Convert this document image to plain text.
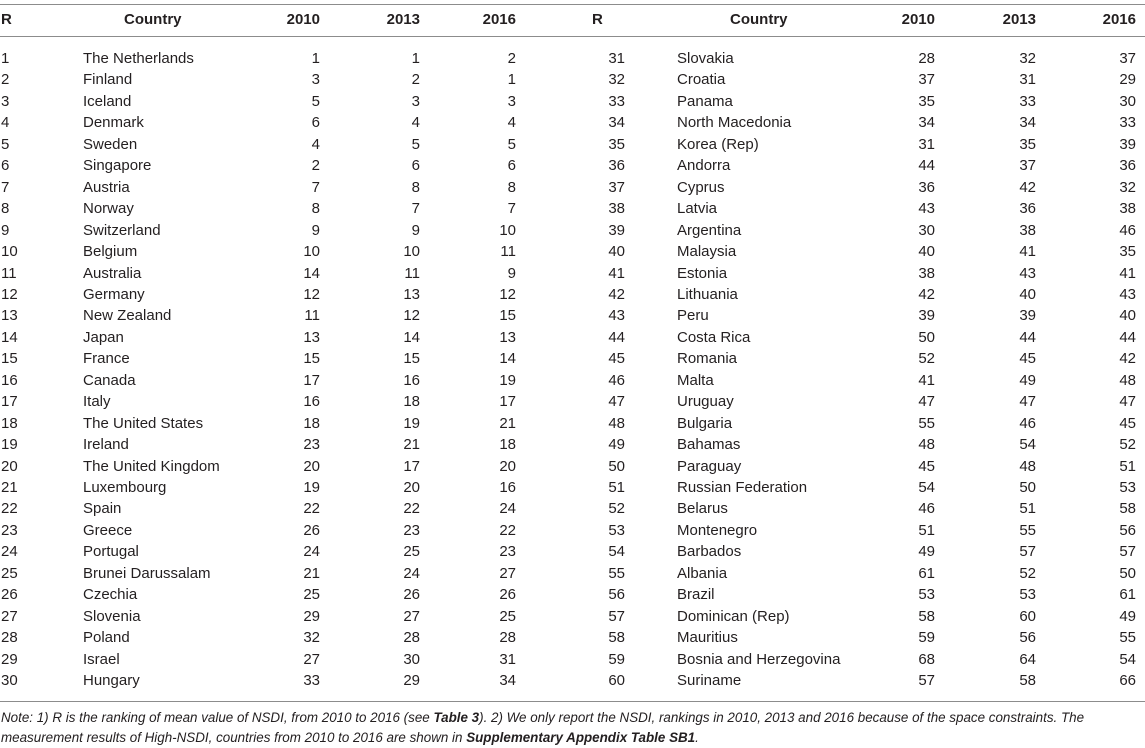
R	Country	2010	2013	2016	R	Country	2010	2013	2016
1	The Netherlands	1	1	2	31	Slovakia	28	32	37
2	Finland	3	2	1	32	Croatia	37	31	29
3	Iceland	5	3	3	33	Panama	35	33	30
4	Denmark	6	4	4	34	North Macedonia	34	34	33
5	Sweden	4	5	5	35	Korea (Rep)	31	35	39
6	Singapore	2	6	6	36	Andorra	44	37	36
7	Austria	7	8	8	37	Cyprus	36	42	32
8	Norway	8	7	7	38	Latvia	43	36	38
9	Switzerland	9	9	10	39	Argentina	30	38	46
10	Belgium	10	10	11	40	Malaysia	40	41	35
11	Australia	14	11	9	41	Estonia	38	43	41
12	Germany	12	13	12	42	Lithuania	42	40	43
13	New Zealand	11	12	15	43	Peru	39	39	40
14	Japan	13	14	13	44	Costa Rica	50	44	44
15	France	15	15	14	45	Romania	52	45	42
16	Canada	17	16	19	46	Malta	41	49	48
17	Italy	16	18	17	47	Uruguay	47	47	47
18	The United States	18	19	21	48	Bulgaria	55	46	45
19	Ireland	23	21	18	49	Bahamas	48	54	52
20	The United Kingdom	20	17	20	50	Paraguay	45	48	51
21	Luxembourg	19	20	16	51	Russian Federation	54	50	53
22	Spain	22	22	24	52	Belarus	46	51	58
23	Greece	26	23	22	53	Montenegro	51	55	56
24	Portugal	24	25	23	54	Barbados	49	57	57
25	Brunei Darussalam	21	24	27	55	Albania	61	52	50
26	Czechia	25	26	26	56	Brazil	53	53	61
27	Slovenia	29	27	25	57	Dominican (Rep)	58	60	49
28	Poland	32	28	28	58	Mauritius	59	56	55
29	Israel	27	30	31	59	Bosnia and Herzegovina	68	64	54
30	Hungary	33	29	34	60	Suriname	57	58	66
Note: 1) R is the ranking of mean value of NSDI, from 2010 to 2016 (see Table 3). 2) We only report the NSDI, rankings in 2010, 2013 and 2016 because of the space constraints. The measurement results of High-NSDI, countries from 2010 to 2016 are shown in Supplementary Appendix Table SB1.
